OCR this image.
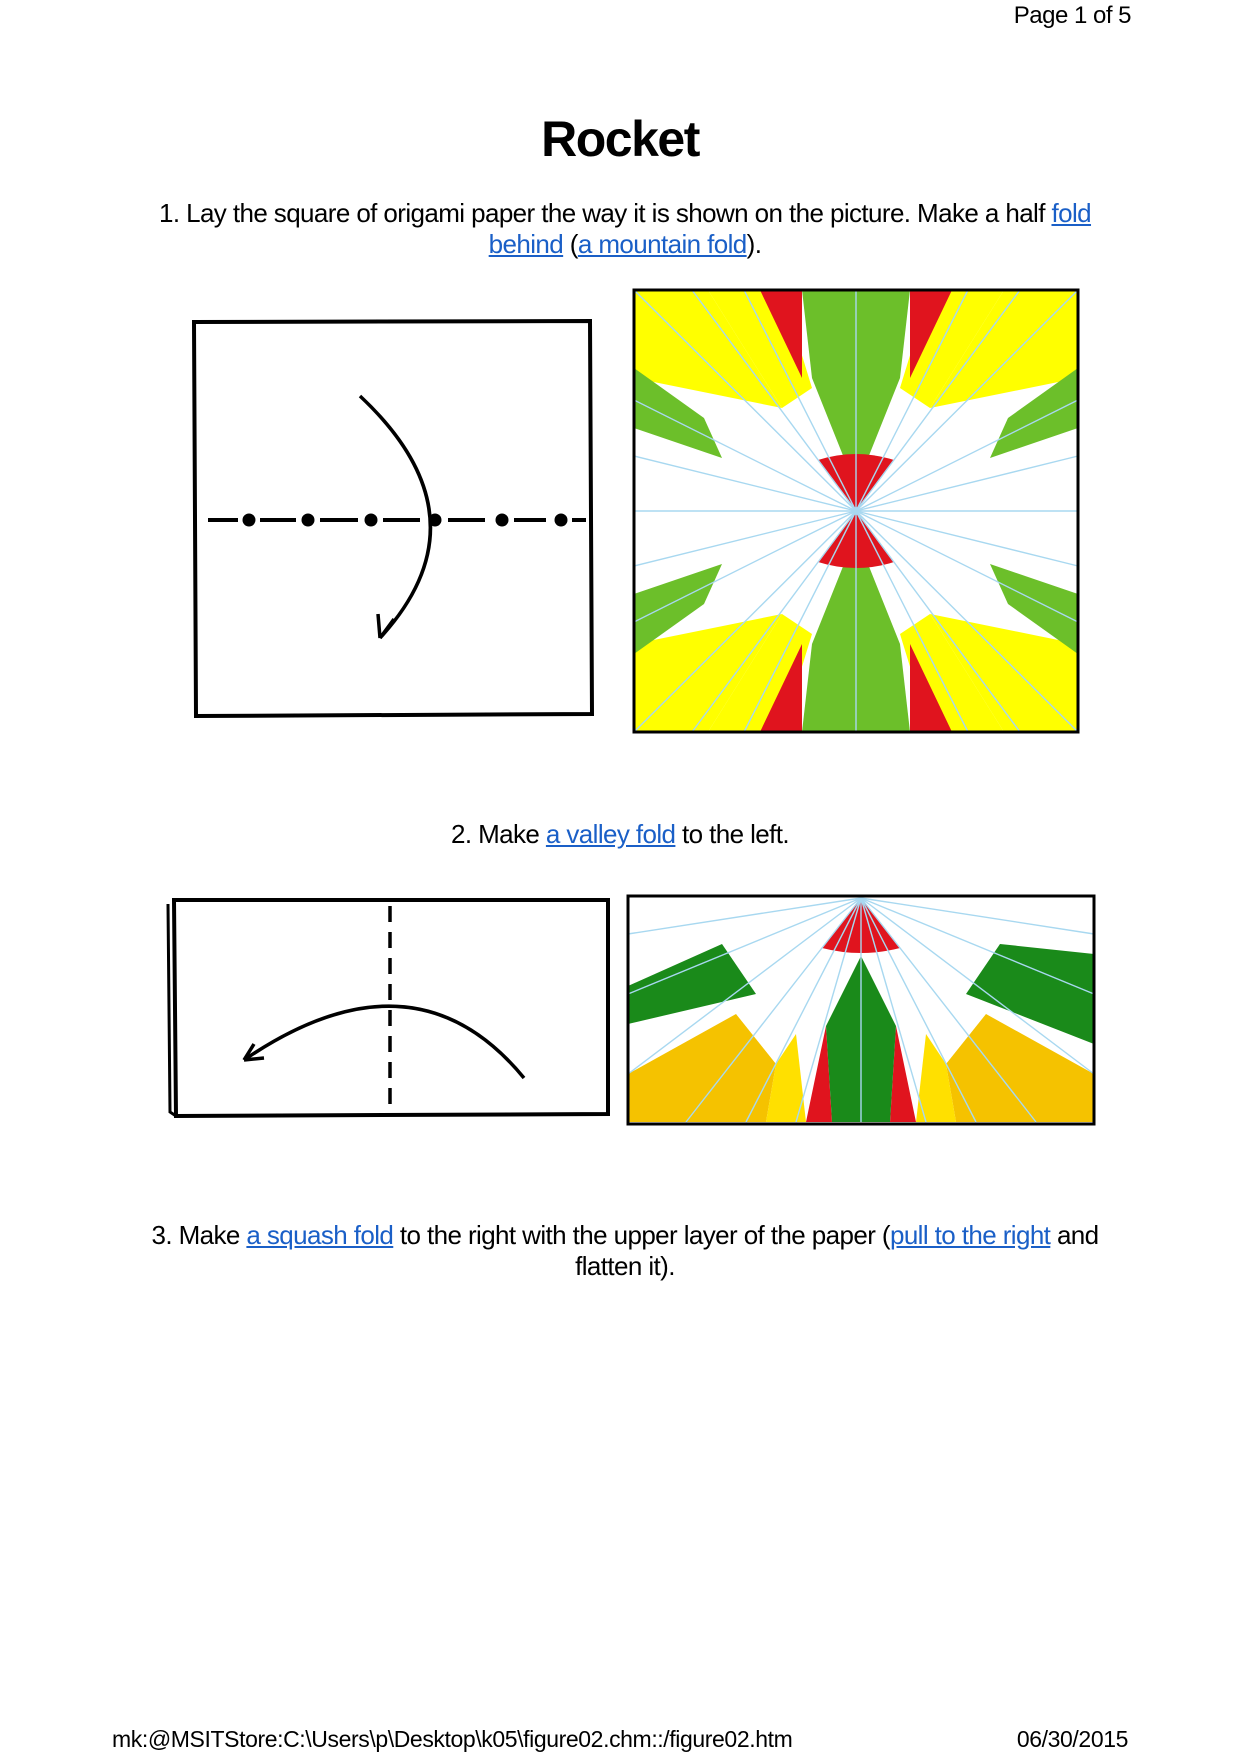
Page 1 of 5
Rocket
1. Lay the square of origami paper the way it is shown on the picture. Make a half fold behind (a mountain fold).
2. Make a valley fold to the left.
3. Make a squash fold to the right with the upper layer of the paper (pull to the right and flatten it).
mk:@MSITStore:C:\Users\p\Desktop\k05\figure02.chm::/figure02.htm	06/30/2015
